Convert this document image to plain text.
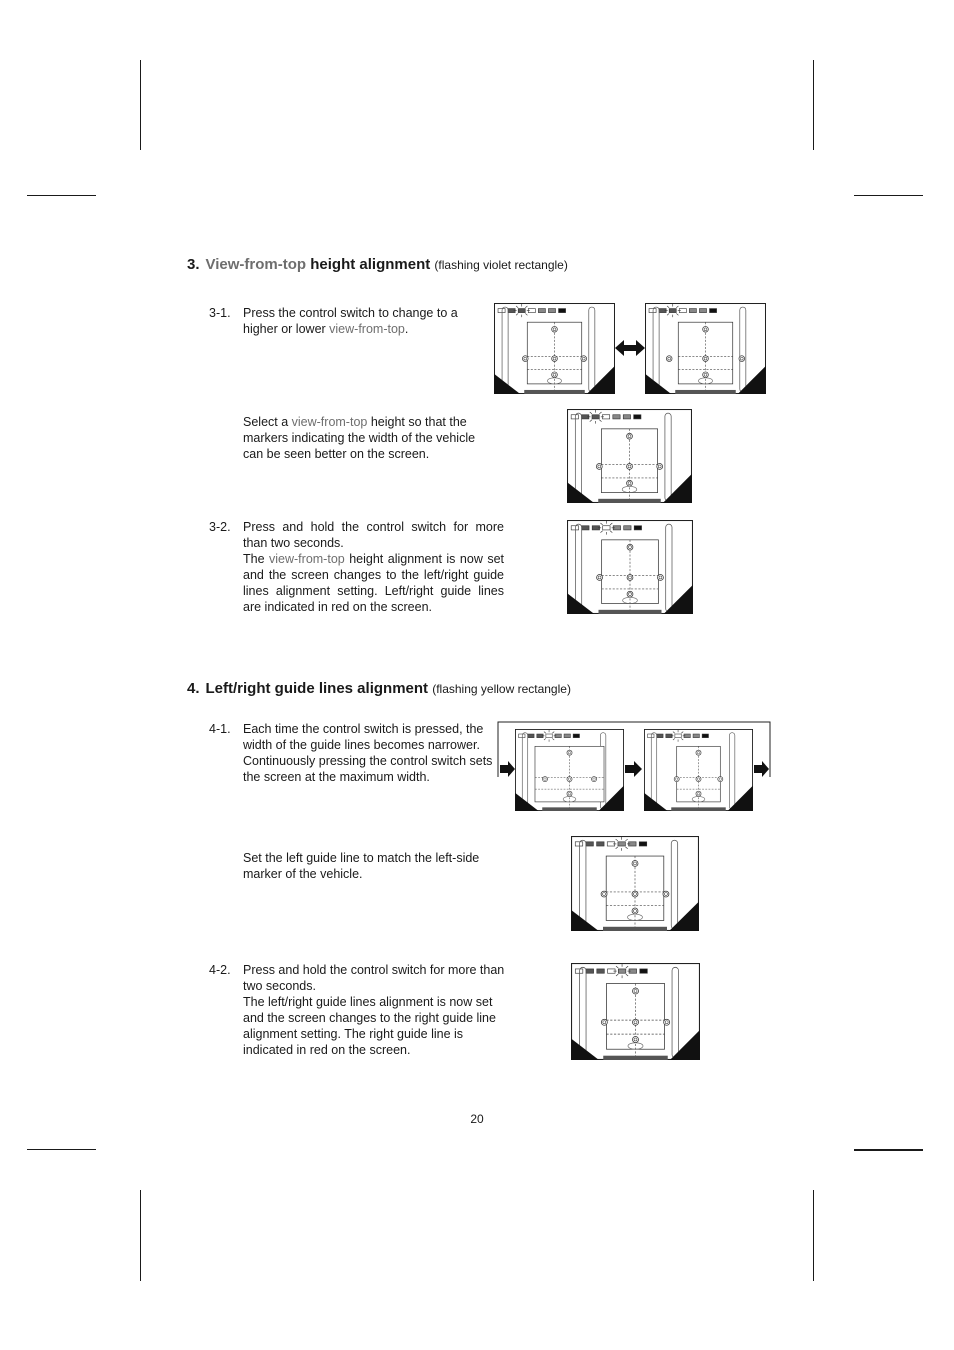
3. View-from-top height alignment (flashing violet rectangle)
3-1. Press the control switch to change to a higher or lower view-from-top.

Select a view-from-top height so that the markers indicating the width of the vehicle can be seen better on the screen.

3-2. Press and hold the control switch for more than two seconds.

The view-from-top height alignment is now set and the screen changes to the left/right guide lines alignment setting. Left/right guide lines are indicated in red on the screen.

4. Left/right guide lines alignment (flashing yellow rectangle)
4-1. Each time the control switch is pressed, the width of the guide lines becomes narrower. Continuously pressing the control switch sets the screen at the maximum width.

Set the left guide line to match the left-side marker of the vehicle.

4-2. Press and hold the control switch for more than two seconds.

The left/right guide lines alignment is now set and the screen changes to the right guide line alignment setting. The right guide line is indicated in red on the screen.

20
